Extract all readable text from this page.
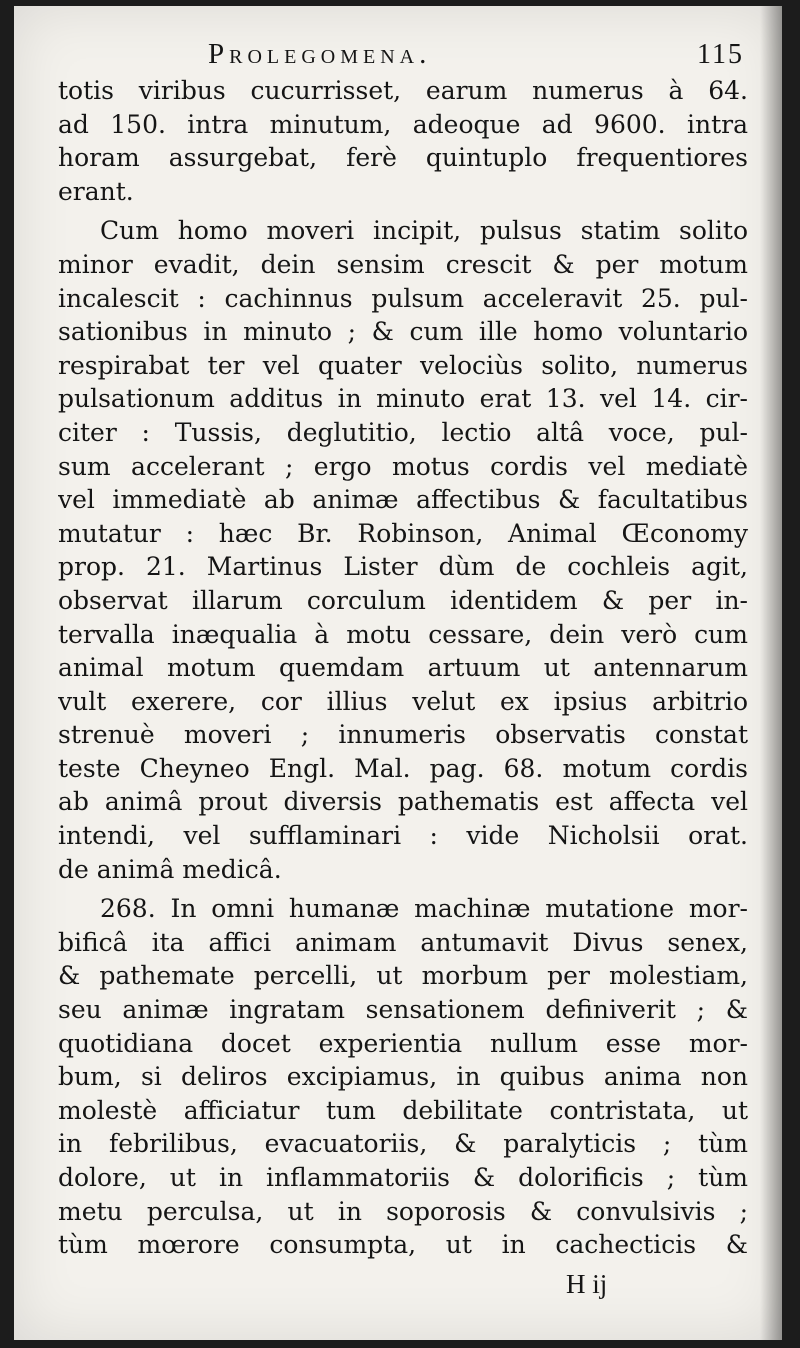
Prolegomena.	115
totis viribus cucurrisset, earum numerus à 64.
ad 150. intra minutum, adeoque ad 9600. intra
horam assurgebat, ferè quintuplo frequentiores
erant.
Cum homo moveri incipit, pulsus statim solito
minor evadit, dein sensim crescit & per motum
incalescit : cachinnus pulsum acceleravit 25. pul-
sationibus in minuto ; & cum ille homo voluntario
respirabat ter vel quater velociùs solito, numerus
pulsationum additus in minuto erat 13. vel 14. cir-
citer : Tussis, deglutitio, lectio altâ voce, pul-
sum accelerant ; ergo motus cordis vel mediatè
vel immediatè ab animæ affectibus & facultatibus
mutatur : hæc Br. Robinson, Animal Œconomy
prop. 21. Martinus Lister dùm de cochleis agit,
observat illarum corculum identidem & per in-
tervalla inæqualia à motu cessare, dein verò cum
animal motum quemdam artuum ut antennarum
vult exerere, cor illius velut ex ipsius arbitrio
strenuè moveri ; innumeris observatis constat
teste Cheyneo Engl. Mal. pag. 68. motum cordis
ab animâ prout diversis pathematis est affecta vel
intendi, vel sufflaminari : vide Nicholsii orat.
de animâ medicâ.
268. In omni humanæ machinæ mutatione mor-
bificâ ita affici animam antumavit Divus senex,
& pathemate percelli, ut morbum per molestiam,
seu animæ ingratam sensationem definiverit ; &
quotidiana docet experientia nullum esse mor-
bum, si deliros excipiamus, in quibus anima non
molestè afficiatur tum debilitate contristata, ut
in febrilibus, evacuatoriis, & paralyticis ; tùm
dolore, ut in inflammatoriis & dolorificis ; tùm
metu perculsa, ut in soporosis & convulsivis ;
tùm mœrore consumpta, ut in cachecticis &
H ij
